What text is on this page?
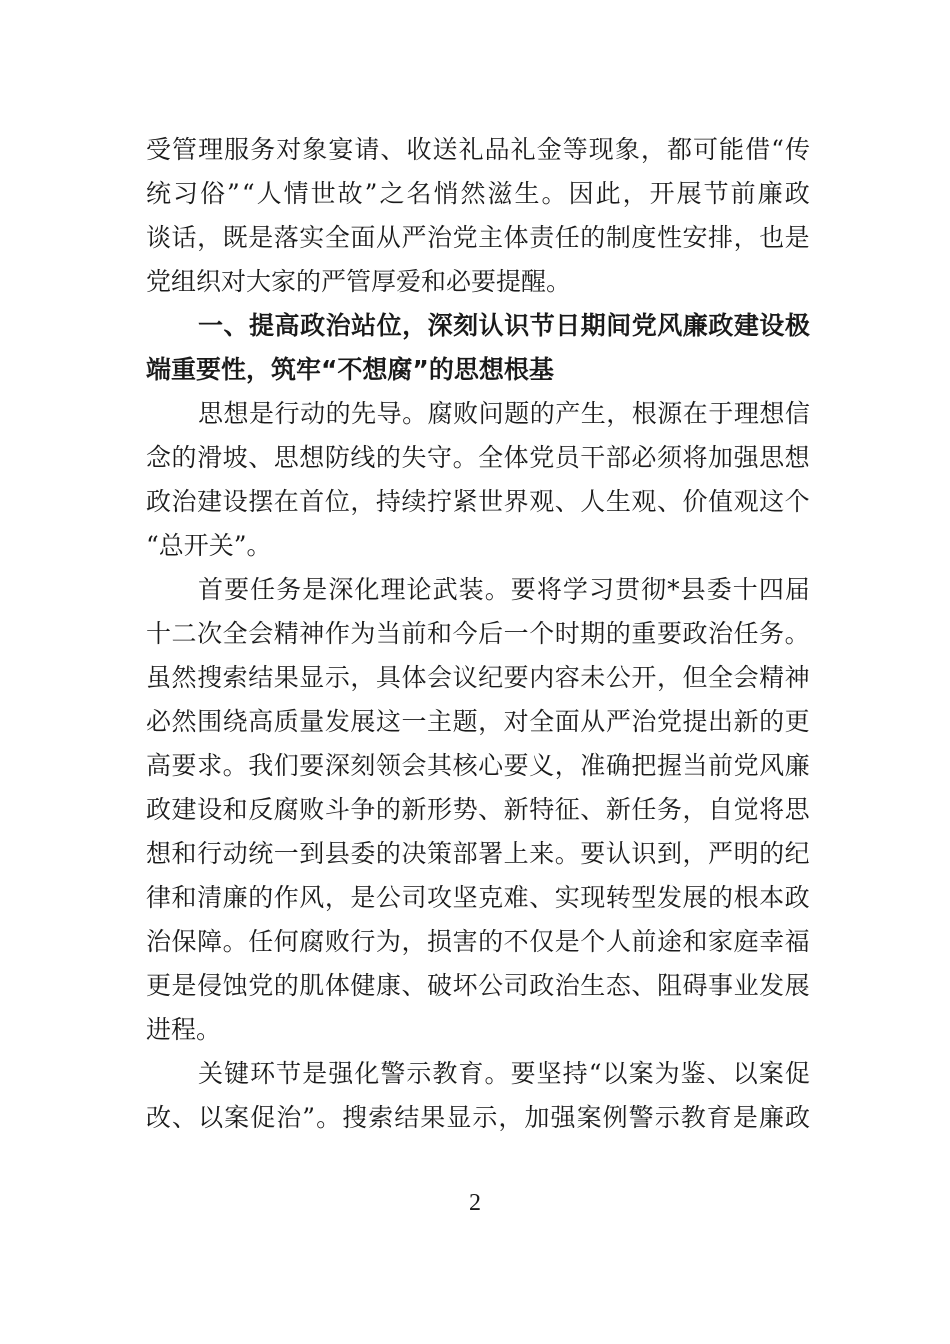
受 管 理 服 务 对 象 宴 请 、 收 送 礼 品 礼 金 等 现 象 ， 都 可 能 借 “ 传
统 习 俗 ” “ 人 情 世 故 ” 之 名 悄 然 滋 生 。 因 此 ， 开 展 节 前 廉 政
谈 话 ， 既 是 落 实 全 面 从 严 治 党 主 体 责 任 的 制 度 性 安 排 ， 也 是
党组织对大家的严管厚爱和必要提醒。
一 、 提 高 政 治 站 位 ， 深 刻 认 识 节 日 期 间 党 风 廉 政 建 设 极
端重要性，筑牢“不想腐”的思想根基
思 想 是 行 动 的 先 导 。 腐 败 问 题 的 产 生 ， 根 源 在 于 理 想 信
念 的 滑 坡 、 思 想 防 线 的 失 守 。 全 体 党 员 干 部 必 须 将 加 强 思 想
政 治 建 设 摆 在 首 位 ， 持 续 拧 紧 世 界 观 、 人 生 观 、 价 值 观 这 个
“总开关”。
首 要 任 务 是 深 化 理 论 武 装 。 要 将 学 习 贯 彻 * 县 委 十 四 届
十 二 次 全 会 精 神 作 为 当 前 和 今 后 一 个 时 期 的 重 要 政 治 任 务 。
虽 然 搜 索 结 果 显 示 ， 具 体 会 议 纪 要 内 容 未 公 开 ， 但 全 会 精 神
必 然 围 绕 高 质 量 发 展 这 一 主 题 ， 对 全 面 从 严 治 党 提 出 新 的 更
高 要 求 。 我 们 要 深 刻 领 会 其 核 心 要 义 ， 准 确 把 握 当 前 党 风 廉
政 建 设 和 反 腐 败 斗 争 的 新 形 势 、 新 特 征 、 新 任 务 ， 自 觉 将 思
想 和 行 动 统 一 到 县 委 的 决 策 部 署 上 来 。 要 认 识 到 ， 严 明 的 纪
律 和 清 廉 的 作 风 ， 是 公 司 攻 坚 克 难 、 实 现 转 型 发 展 的 根 本 政
治 保 障 。 任 何 腐 败 行 为 ， 损 害 的 不 仅 是 个 人 前 途 和 家 庭 幸 福
更 是 侵 蚀 党 的 肌 体 健 康 、 破 坏 公 司 政 治 生 态 、 阻 碍 事 业 发 展
进程。
关 键 环 节 是 强 化 警 示 教 育 。 要 坚 持 “ 以 案 为 鉴 、 以 案 促
改 、 以 案 促 治 ” 。 搜 索 结 果 显 示 ， 加 强 案 例 警 示 教 育 是 廉 政
2
